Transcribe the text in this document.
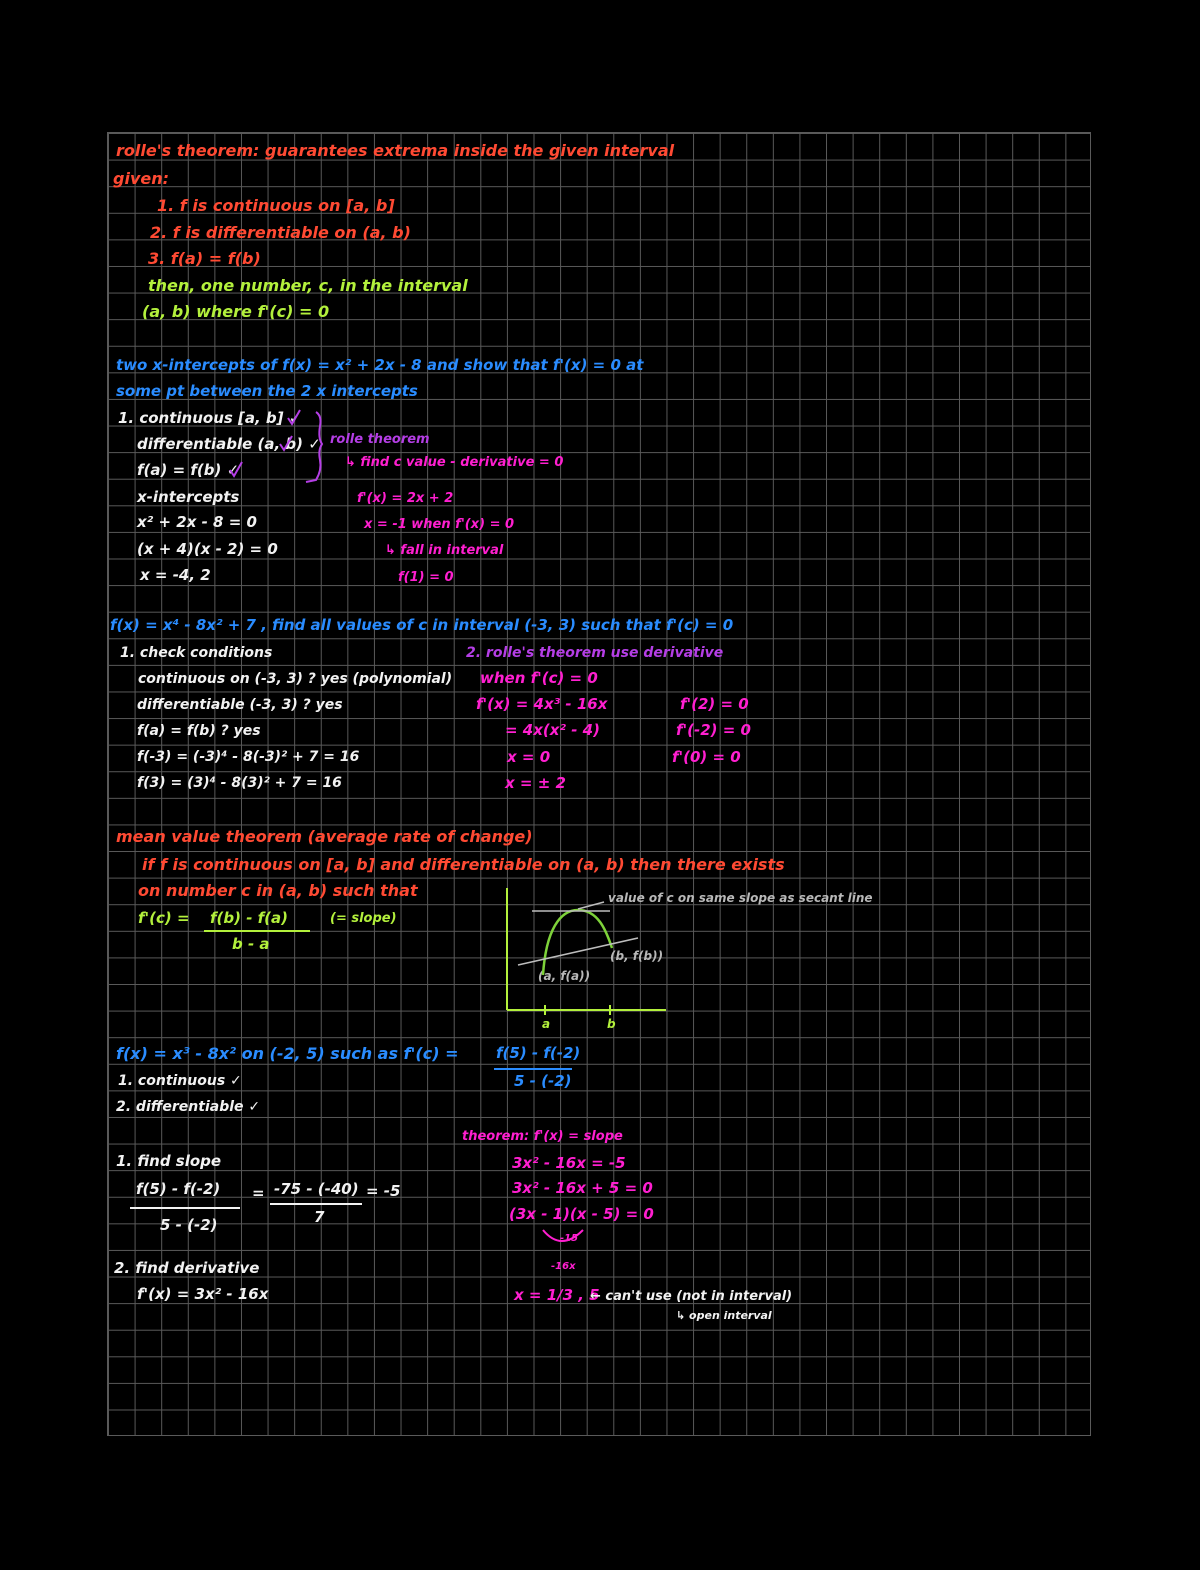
rolle's theorem: guarantees extrema inside the given interval
given:
1. f is continuous on [a, b]
2. f is differentiable on (a, b)
3. f(a) = f(b)
then, one number, c, in the interval
(a, b) where f'(c) = 0
two x-intercepts of f(x) = x² + 2x - 8 and show that f'(x) = 0 at
some pt between the 2 x intercepts
1. continuous [a, b] ✓
differentiable (a, b) ✓
f(a) = f(b) ✓
x-intercepts
x² + 2x - 8 = 0
(x + 4)(x - 2) = 0
x = -4, 2
rolle theorem
↳ find c value - derivative = 0
f'(x) = 2x + 2
x = -1 when f'(x) = 0
↳ fall in interval
f(1) = 0
f(x) = x⁴ - 8x² + 7 , find all values of c in interval (-3, 3) such that f'(c) = 0
1. check conditions
continuous on (-3, 3) ? yes (polynomial)
differentiable (-3, 3) ? yes
f(a) = f(b) ? yes
f(-3) = (-3)⁴ - 8(-3)² + 7 = 16
f(3) = (3)⁴ - 8(3)² + 7 = 16
2. rolle's theorem use derivative
when f'(c) = 0
f'(x) = 4x³ - 16x
= 4x(x² - 4)
x = 0
x = ± 2
f'(2) = 0
f'(-2) = 0
f'(0) = 0
mean value theorem (average rate of change)
if f is continuous on [a, b] and differentiable on (a, b) then there exists
on number c in (a, b) such that
f'(c) = f(b) - f(a)
b - a
(= slope)
value of c on same slope as secant line
(a, f(a))
(b, f(b))
a	b
f(x) = x³ - 8x² on (-2, 5) such as f'(c) =	f(5) - f(-2)
5 - (-2)
1. continuous ✓
2. differentiable ✓
1. find slope
f(5) - f(-2)
5 - (-2)
= -75 - (-40)
7
= -5
2. find derivative
f'(x) = 3x² - 16x
theorem: f'(x) = slope
3x² - 16x = -5
3x² - 16x + 5 = 0
(3x - 1)(x - 5) = 0
-15
-16x
x = 1/3 , 5
← can't use (not in interval)
↳ open interval
